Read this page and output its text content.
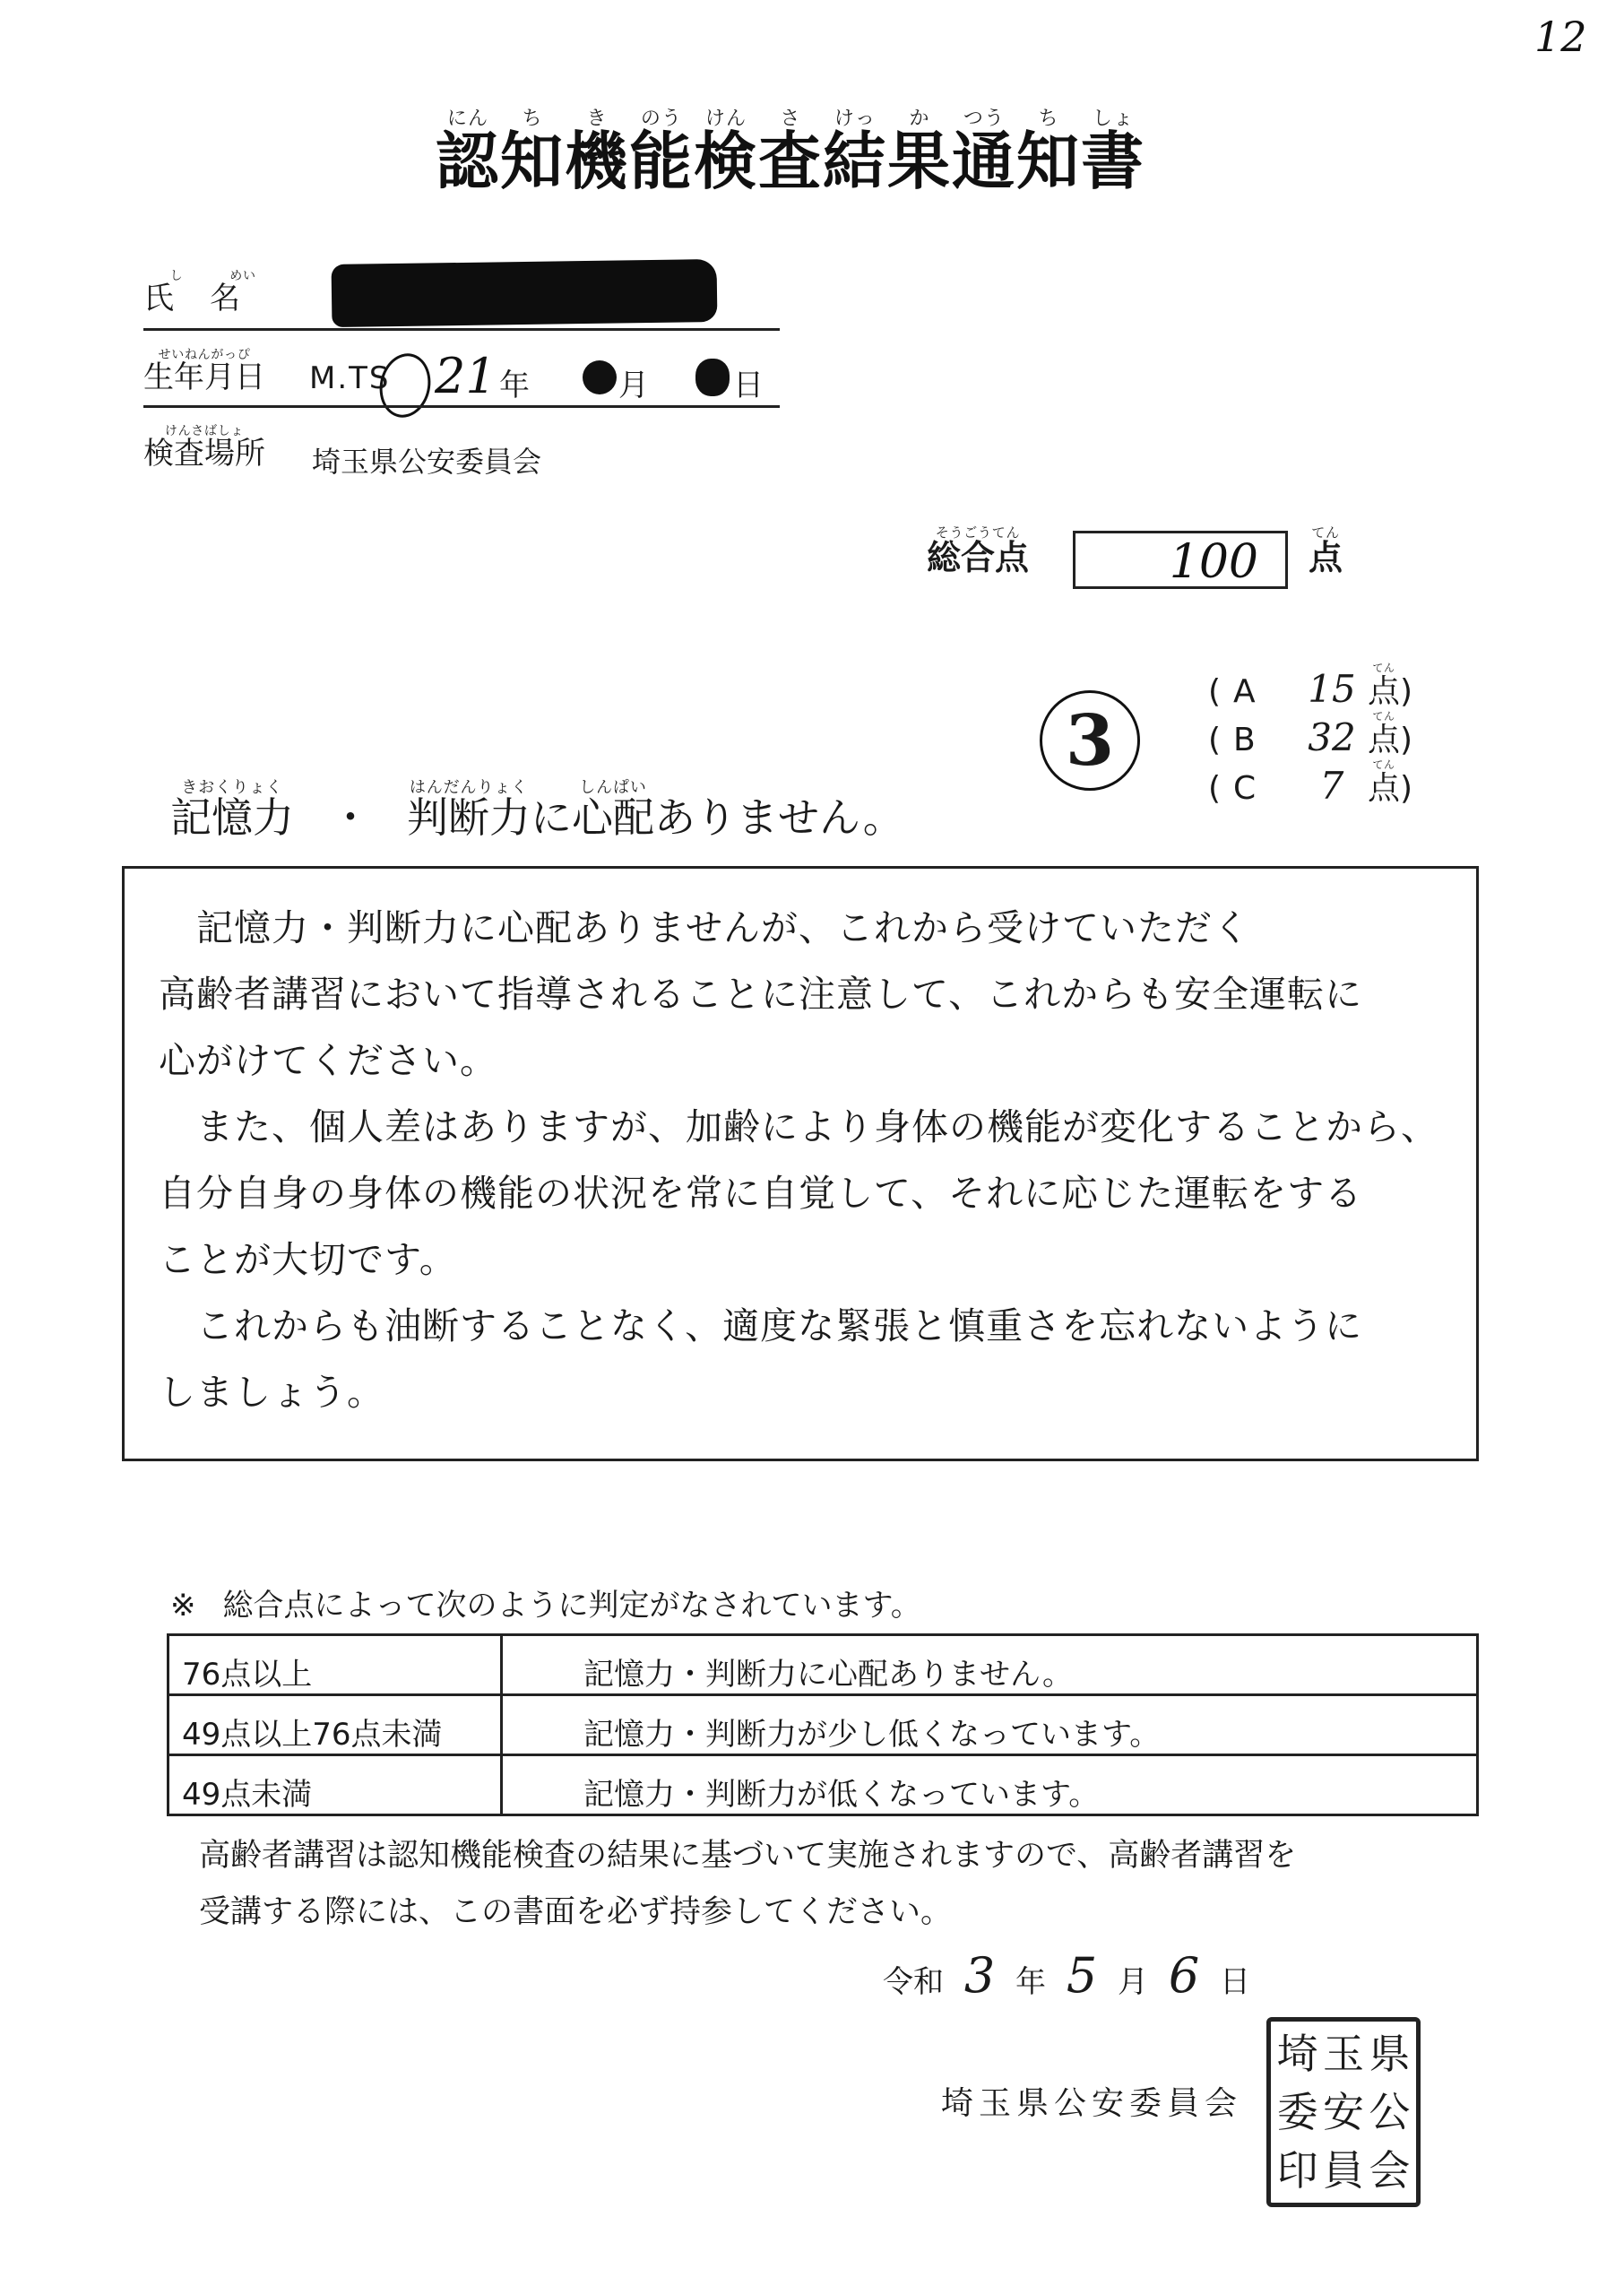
12
認にん知ち機き能のう検けん査さ結けっ果か通つう知ち書しょ
氏し名めい
生年月日せいねんがっぴ
M.TS 21 年	月	日
検査場所けんさばしょ
埼玉県公安委員会
総合点そうごうてん
100 点てん
3
( A 15 点てん)
( B 32 点てん)
( C 7 点てん)
記憶力きおくりょく・ 判断力はんだんりょくに心配しんぱいありません。
　記憶力・判断力に心配ありませんが、これから受けていただく
高齢者講習において指導されることに注意して、これからも安全運転に
心がけてください。
　また、個人差はありますが、加齢により身体の機能が変化することから、
自分自身の身体の機能の状況を常に自覚して、それに応じた運転をする
ことが大切です。
　これからも油断することなく、適度な緊張と慎重さを忘れないように
しましょう。
※ 総合点によって次のように判定がなされています。
76点以上	記憶力・判断力に心配ありません。
49点以上76点未満	記憶力・判断力が少し低くなっています。
49点未満	記憶力・判断力が低くなっています。
高齢者講習は認知機能検査の結果に基づいて実施されますので、高齢者講習を
受講する際には、この書面を必ず持参してください。
令和 3 年 5 月 6 日
埼玉県公安委員会
県
公
会
玉
安
員
埼
委
印
